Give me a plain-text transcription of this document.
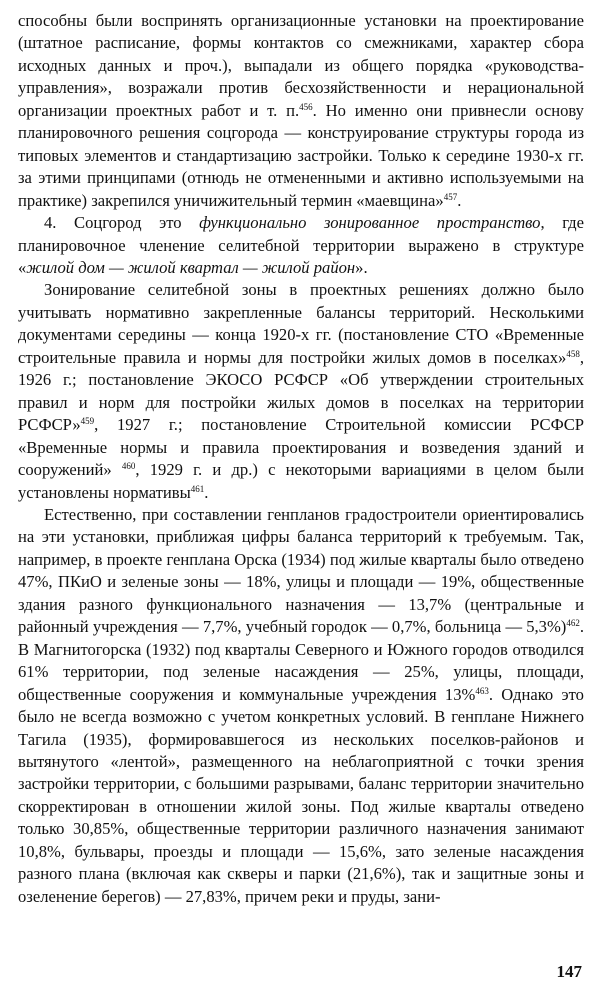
способны были воспринять организационные установки на проектирование (штатное расписание, формы контактов со смежниками, характер сбора исходных данных и проч.), выпадали из общего порядка «руководства-управления», возражали против бесхозяйственности и нерациональной организации проектных работ и т. п.$^{456}$. Но именно они привнесли основу планировочного решения соцгорода — конструирование структуры города из типовых элементов и стандартизацию застройки. Только к середине 1930-х гг. за этими принципами (отнюдь не отмененными и активно используемыми на практике) закрепился уничижительный термин «маевщина»$^{457}$.

4. Соцгород это функционально зонированное пространство, где планировочное членение селитебной территории выражено в структуре «жилой дом — жилой квартал — жилой район».

Зонирование селитебной зоны в проектных решениях должно было учитывать нормативно закрепленные балансы территорий. Несколькими документами середины — конца 1920-х гг. (постановление СТО «Временные строительные правила и нормы для постройки жилых домов в поселках»$^{458}$, 1926 г.; постановление ЭКОСО РСФСР «Об утверждении строительных правил и норм для постройки жилых домов в поселках на территории РСФСР»$^{459}$, 1927 г.; постановление Строительной комиссии РСФСР «Временные нормы и правила проектирования и возведения зданий и сооружений» $^{460}$, 1929 г. и др.) с некоторыми вариациями в целом были установлены нормативы$^{461}$.

Естественно, при составлении генпланов градостроители ориентировались на эти установки, приближая цифры баланса территорий к требуемым. Так, например, в проекте генплана Орска (1934) под жилые кварталы было отведено 47%, ПКиО и зеленые зоны — 18%, улицы и площади — 19%, общественные здания разного функционального назначения — 13,7% (центральные и районный учреждения — 7,7%, учебный городок — 0,7%, больница — 5,3%)$^{462}$. В Магнитогорска (1932) под кварталы Северного и Южного городов отводился 61% территории, под зеленые насаждения — 25%, улицы, площади, общественные сооружения и коммунальные учреждения 13%$^{463}$. Однако это было не всегда возможно с учетом конкретных условий. В генплане Нижнего Тагила (1935), формировавшегося из нескольких поселков-районов и вытянутого «лентой», размещенного на неблагоприятной с точки зрения застройки территории, с большими разрывами, баланс территории значительно скорректирован в отношении жилой зоны. Под жилые кварталы отведено только 30,85%, общественные территории различного назначения занимают 10,8%, бульвары, проезды и площади — 15,6%, зато зеленые насаждения разного плана (включая как скверы и парки (21,6%), так и защитные зоны и озеленение берегов) — 27,83%, причем реки и пруды, зани-

147
